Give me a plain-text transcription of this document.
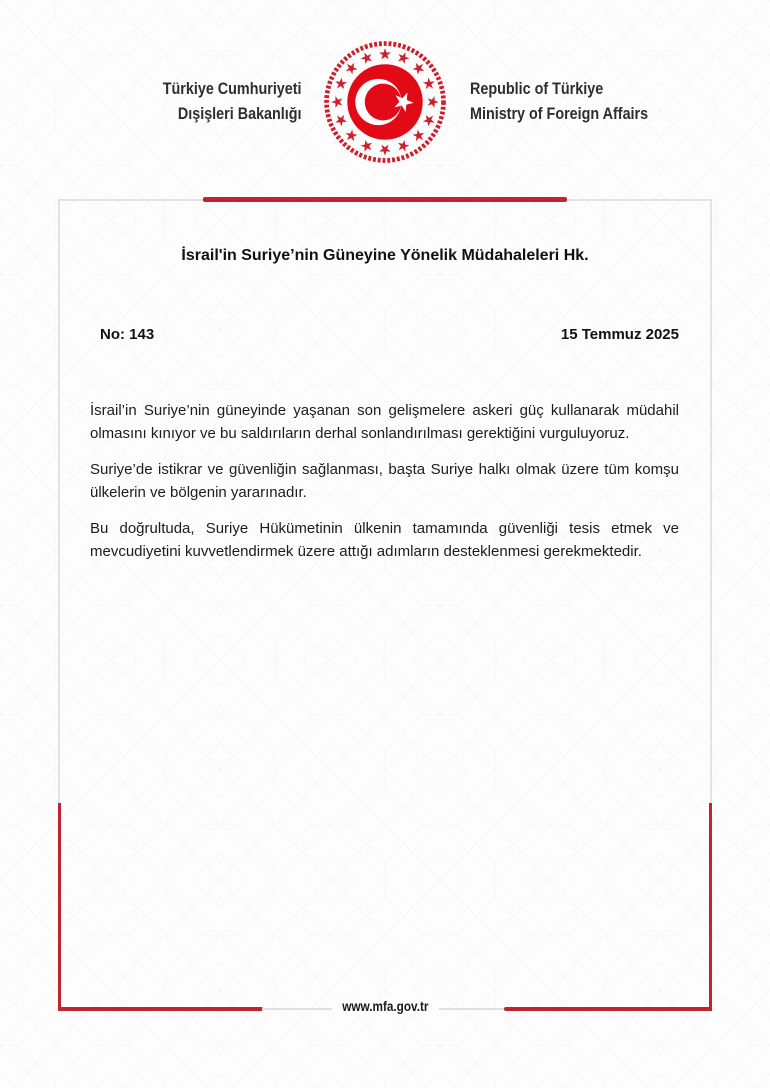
Türkiye Cumhuriyeti
Dışişleri Bakanlığı
Republic of Türkiye
Ministry of Foreign Affairs
İsrail'in Suriye’nin Güneyine Yönelik Müdahaleleri Hk.
No: 143	15 Temmuz 2025

İsrail’in Suriye’nin güneyinde yaşanan son gelişmelere askeri güç kullanarak müdahil olmasını kınıyor ve bu saldırıların derhal sonlandırılması gerektiğini vurguluyoruz.

Suriye’de istikrar ve güvenliğin sağlanması, başta Suriye halkı olmak üzere tüm komşu ülkelerin ve bölgenin yararınadır.

Bu doğrultuda, Suriye Hükümetinin ülkenin tamamında güvenliği tesis etmek ve mevcudiyetini kuvvetlendirmek üzere attığı adımların desteklenmesi gerekmektedir.

www.mfa.gov.tr
